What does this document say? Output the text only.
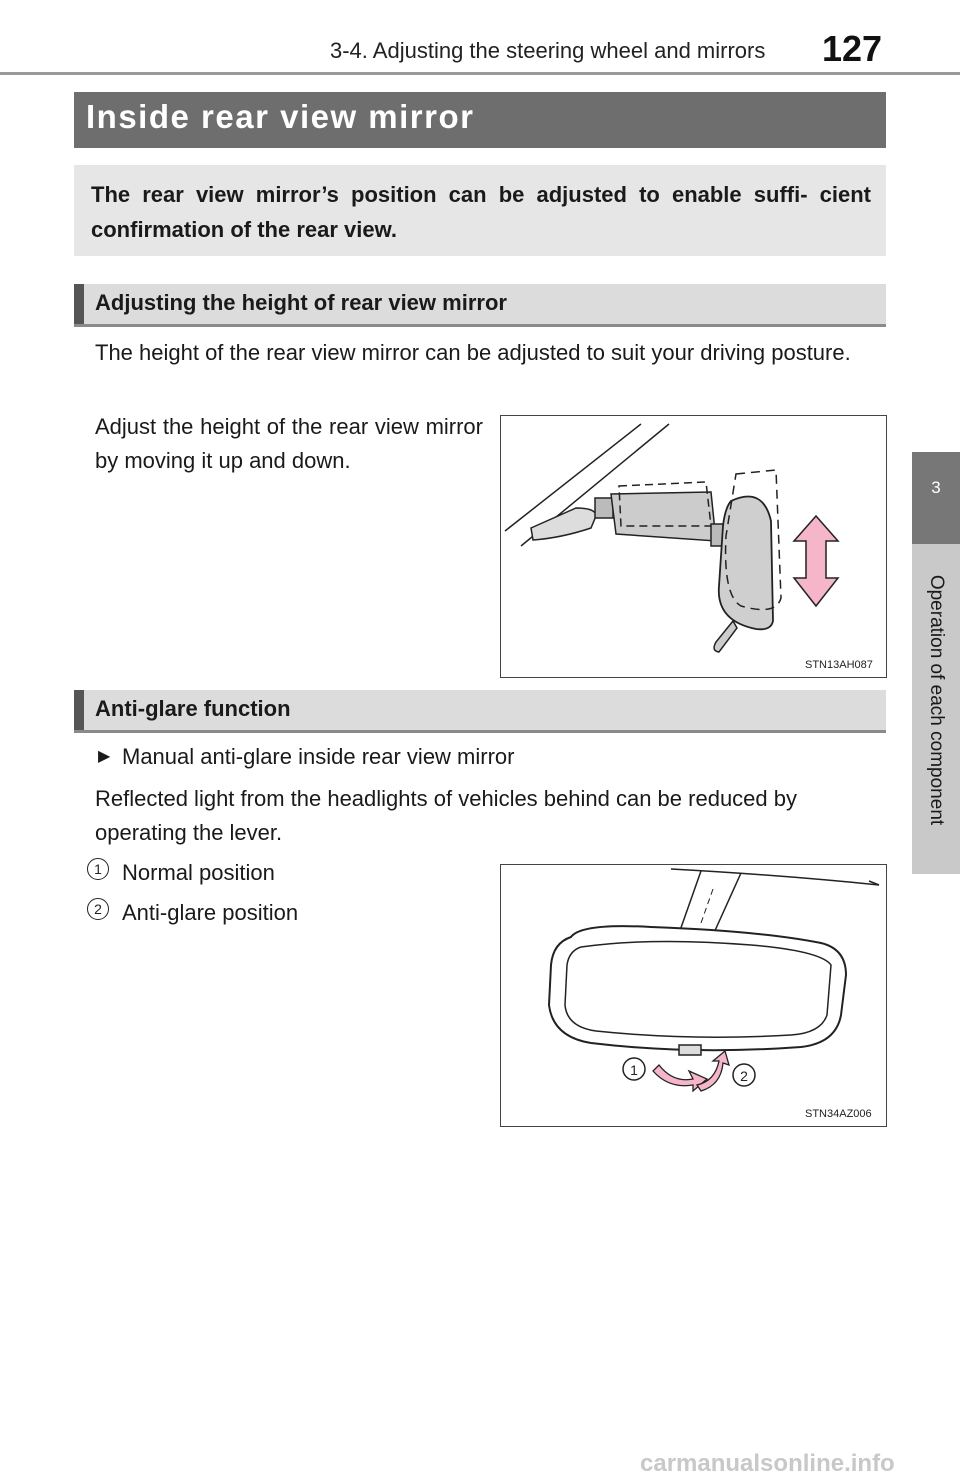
3-4. Adjusting the steering wheel and mirrors 127
3
Operation of each component
Inside rear view mirror
The rear view mirror’s position can be adjusted to enable suffi- cient confirmation of the rear view.
Adjusting the height of rear view mirror
The height of the rear view mirror can be adjusted to suit your driving posture.
Adjust the height of the rear view mirror by moving it up and down.
STN13AH087
Anti-glare function
▶ Manual anti-glare inside rear view mirror
Reflected light from the headlights of vehicles behind can be reduced by operating the lever.
1 Normal position
2 Anti-glare position
1	2
STN34AZ006
carmanualsonline.info
